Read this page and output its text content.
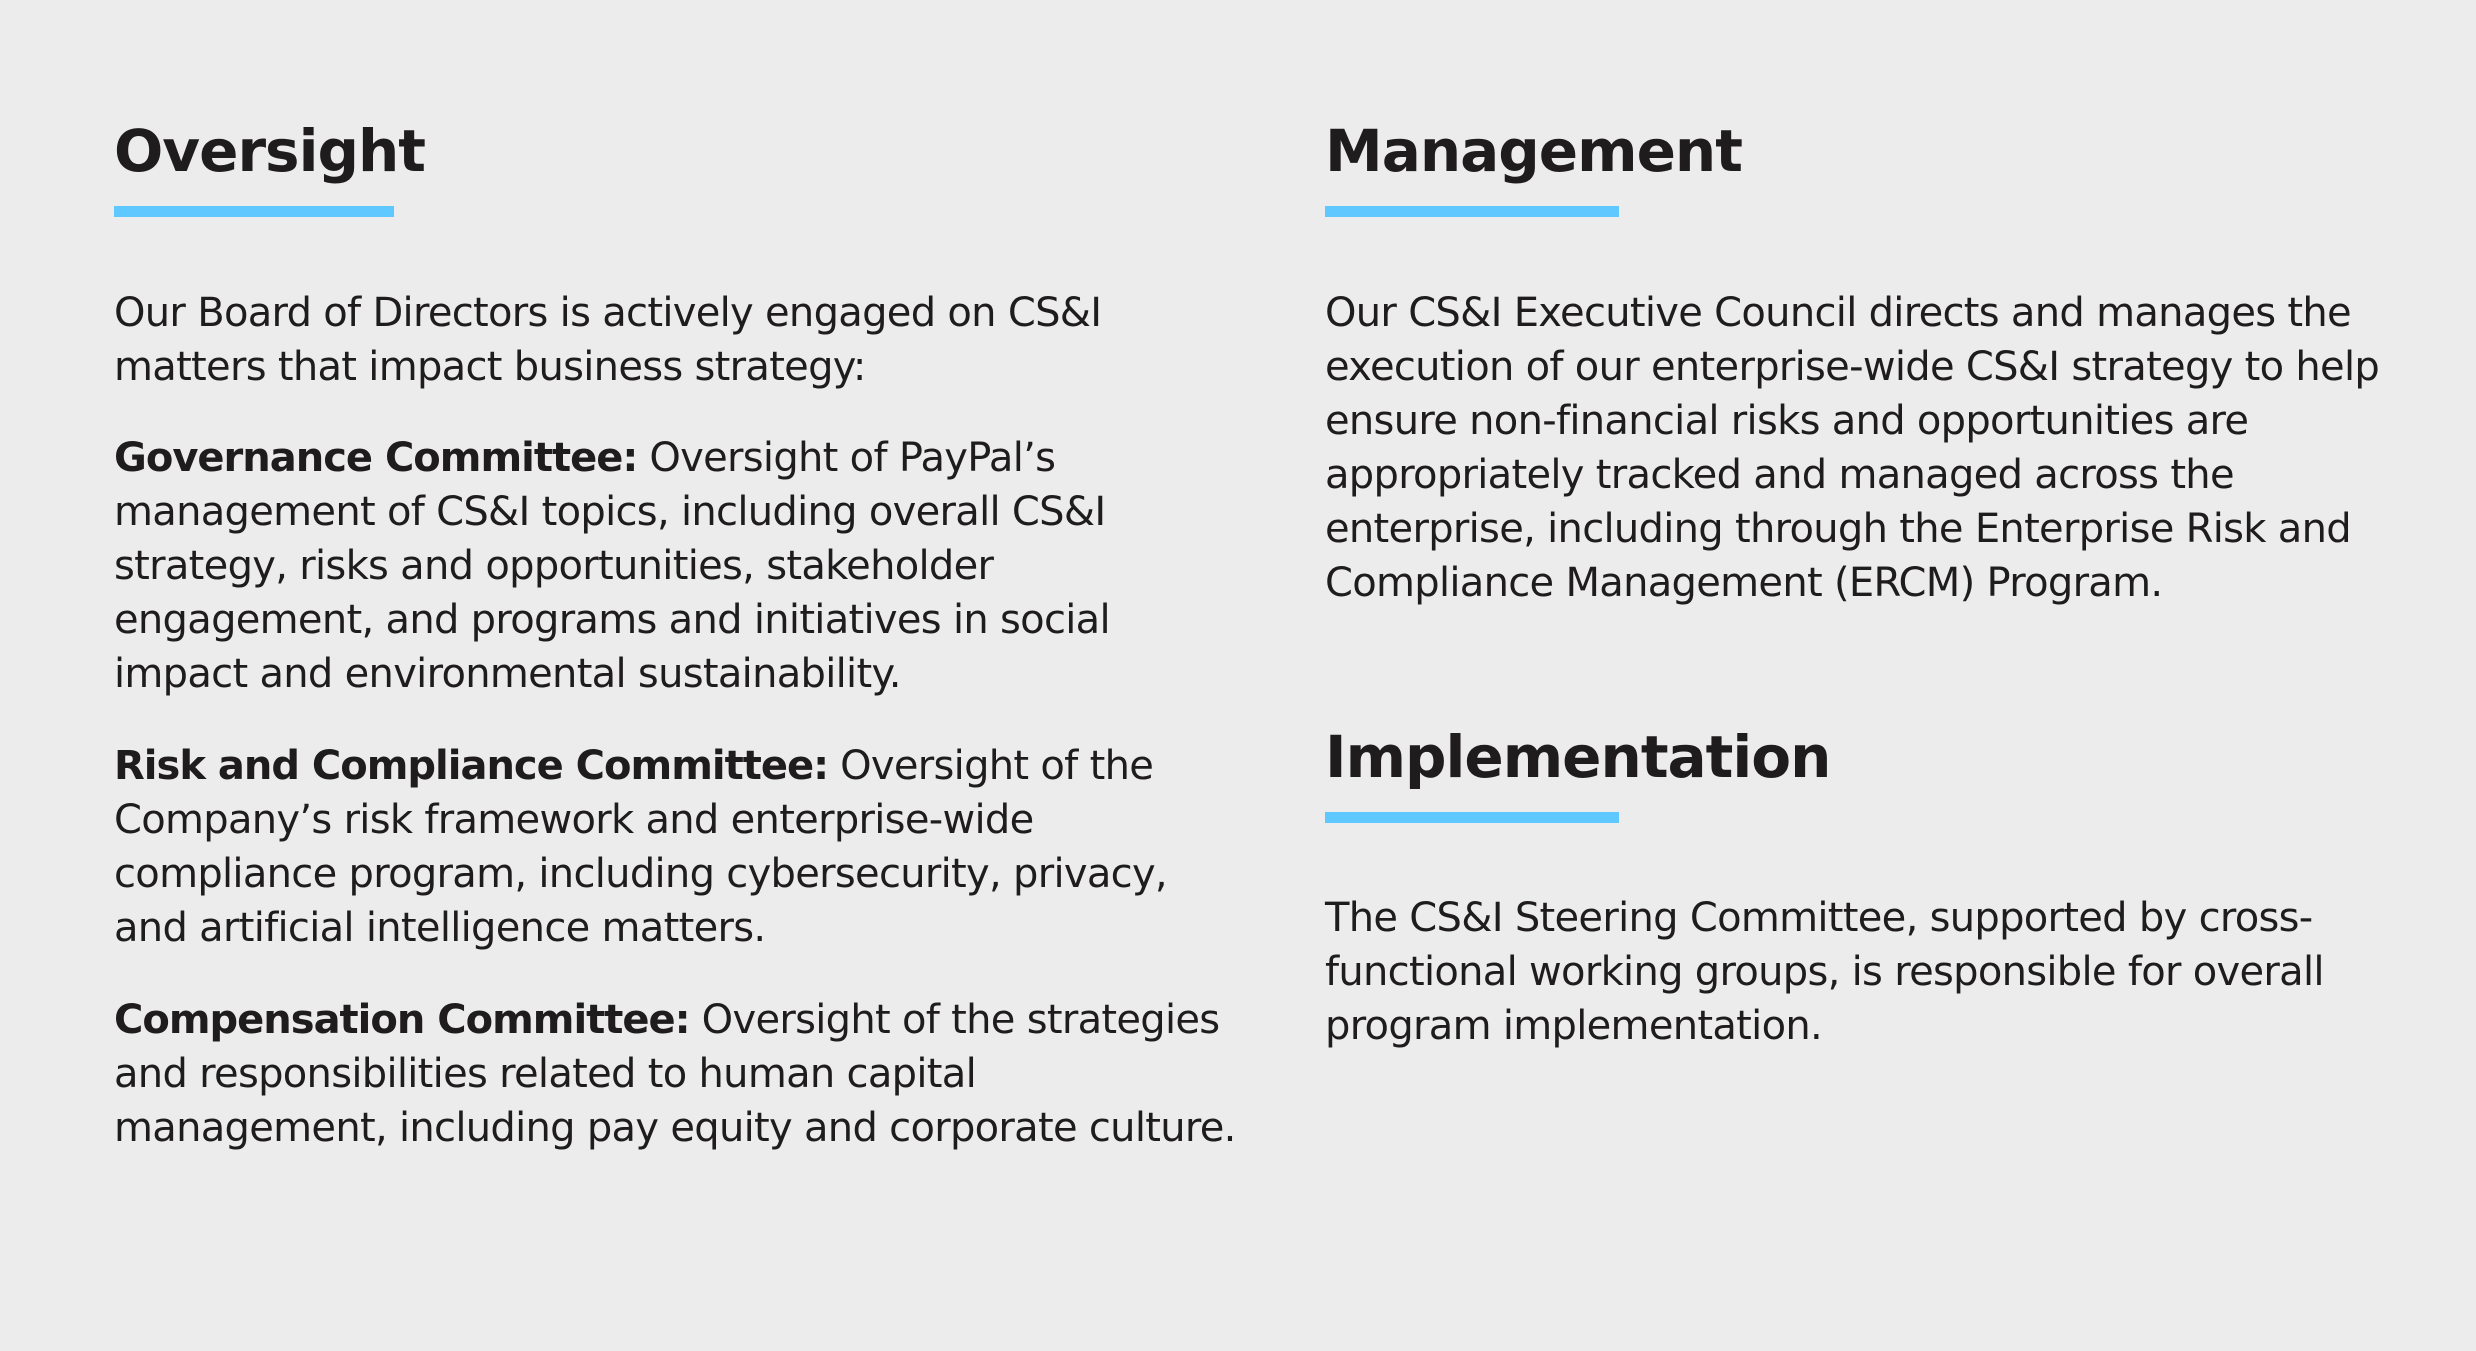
Oversight

Our Board of Directors is actively engaged on CS&I matters that impact business strategy:

Governance Committee: Oversight of PayPal’s management of CS&I topics, including overall CS&I strategy, risks and opportunities, stakeholder engagement, and programs and initiatives in social impact and environmental sustainability.

Risk and Compliance Committee: Oversight of the Company’s risk framework and enterprise-wide compliance program, including cybersecurity, privacy, and artificial intelligence matters.

Compensation Committee: Oversight of the strategies and responsibilities related to human capital management, including pay equity and corporate culture.

Management

Our CS&I Executive Council directs and manages the execution of our enterprise-wide CS&I strategy to help ensure non-financial risks and opportunities are appropriately tracked and managed across the enterprise, including through the Enterprise Risk and Compliance Management (ERCM) Program.

Implementation

The CS&I Steering Committee, supported by cross-functional working groups, is responsible for overall program implementation.
